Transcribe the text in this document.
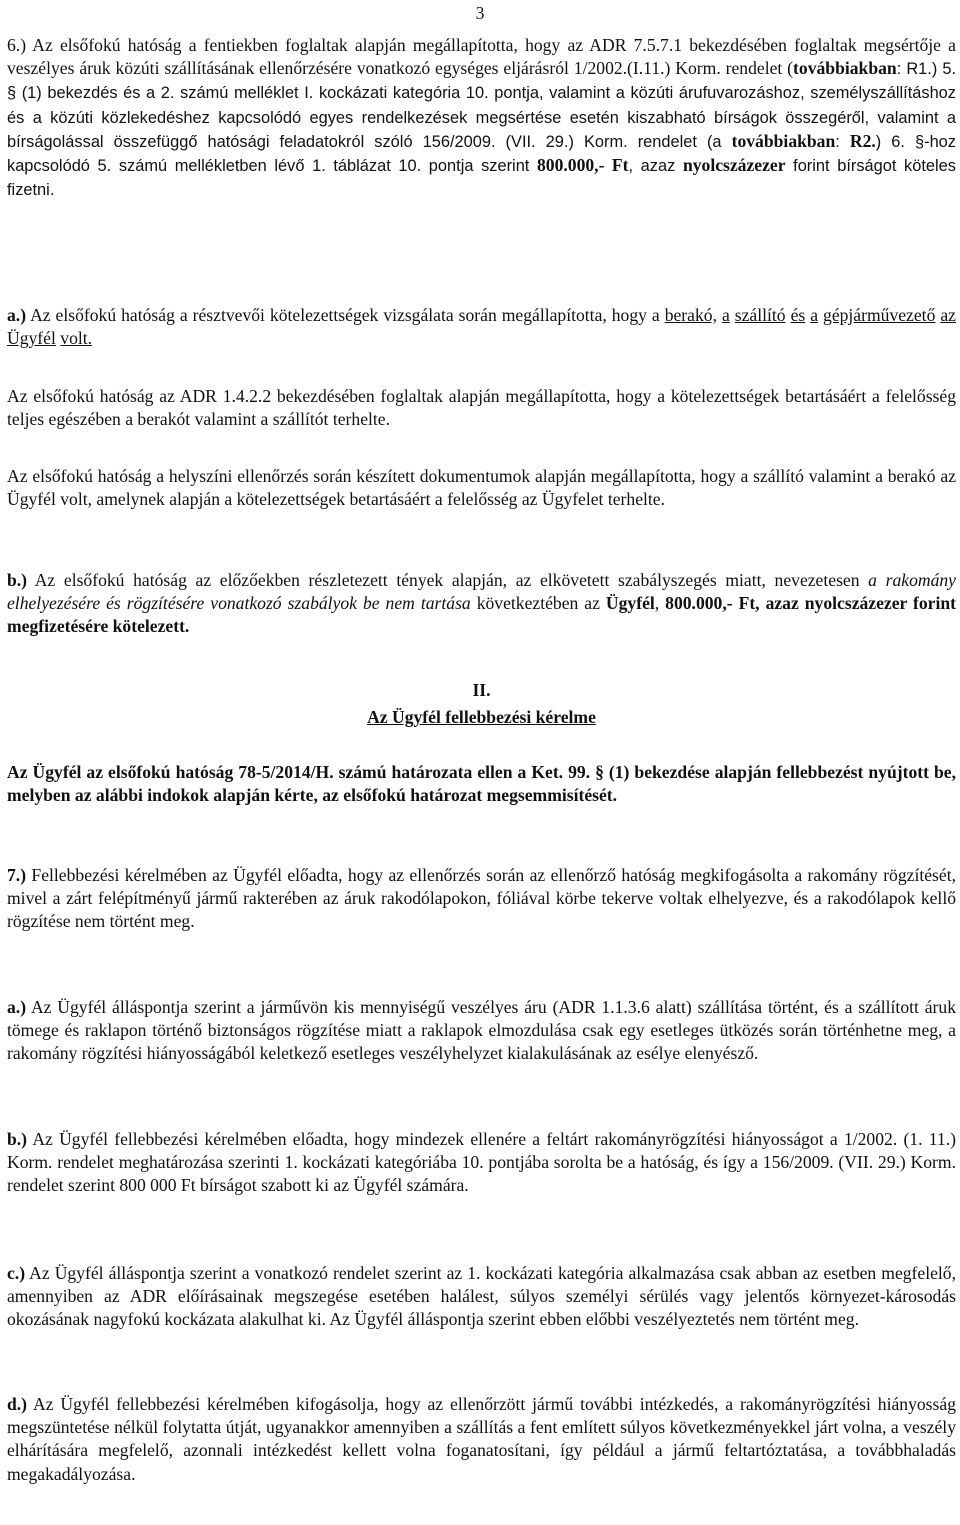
3

6.) Az elsőfokú hatóság a fentiekben foglaltak alapján megállapította, hogy az ADR 7.5.7.1 bekezdésében foglaltak megsértője a veszélyes áruk közúti szállításának ellenőrzésére vonatkozó egységes eljárásról 1/2002.(I.11.) Korm. rendelet (továbbiakban: R1.) 5. § (1) bekezdés és a 2. számú melléklet I. kockázati kategória 10. pontja, valamint a közúti árufuvarozáshoz, személyszállításhoz és a közúti közlekedéshez kapcsolódó egyes rendelkezések megsértése esetén kiszabható bírságok összegéről, valamint a bírságolással összefüggő hatósági feladatokról szóló 156/2009. (VII. 29.) Korm. rendelet (a továbbiakban: R2.) 6. §-hoz kapcsolódó 5. számú mellékletben lévő 1. táblázat 10. pontja szerint 800.000,- Ft, azaz nyolcszázezer forint bírságot köteles fizetni.

a.) Az elsőfokú hatóság a résztvevői kötelezettségek vizsgálata során megállapította, hogy a berakó, a szállító és a gépjárművezető az Ügyfél volt.

Az elsőfokú hatóság az ADR 1.4.2.2 bekezdésében foglaltak alapján megállapította, hogy a kötelezettségek betartásáért a felelősség teljes egészében a berakót valamint a szállítót terhelte.

Az elsőfokú hatóság a helyszíni ellenőrzés során készített dokumentumok alapján megállapította, hogy a szállító valamint a berakó az Ügyfél volt, amelynek alapján a kötelezettségek betartásáért a felelősség az Ügyfelet terhelte.

b.) Az elsőfokú hatóság az előzőekben részletezett tények alapján, az elkövetett szabályszegés miatt, nevezetesen a rakomány elhelyezésére és rögzítésére vonatkozó szabályok be nem tartása következtében az Ügyfél, 800.000,- Ft, azaz nyolcszázezer forint megfizetésére kötelezett.

II.

Az Ügyfél fellebbezési kérelme

Az Ügyfél az elsőfokú hatóság 78-5/2014/H. számú határozata ellen a Ket. 99. § (1) bekezdése alapján fellebbezést nyújtott be, melyben az alábbi indokok alapján kérte, az elsőfokú határozat megsemmisítését.

7.) Fellebbezési kérelmében az Ügyfél előadta, hogy az ellenőrzés során az ellenőrző hatóság megkifogásolta a rakomány rögzítését, mivel a zárt felépítményű jármű rakterében az áruk rakodólapokon, fóliával körbe tekerve voltak elhelyezve, és a rakodólapok kellő rögzítése nem történt meg.

a.) Az Ügyfél álláspontja szerint a járművön kis mennyiségű veszélyes áru (ADR 1.1.3.6 alatt) szállítása történt, és a szállított áruk tömege és raklapon történő biztonságos rögzítése miatt a raklapok elmozdulása csak egy esetleges ütközés során történhetne meg, a rakomány rögzítési hiányosságából keletkező esetleges veszélyhelyzet kialakulásának az esélye elenyésző.

b.) Az Ügyfél fellebbezési kérelmében előadta, hogy mindezek ellenére a feltárt rakományrögzítési hiányosságot a 1/2002. (1. 11.) Korm. rendelet meghatározása szerinti 1. kockázati kategóriába 10. pontjába sorolta be a hatóság, és így a 156/2009. (VII. 29.) Korm. rendelet szerint 800 000 Ft bírságot szabott ki az Ügyfél számára.

c.) Az Ügyfél álláspontja szerint a vonatkozó rendelet szerint az 1. kockázati kategória alkalmazása csak abban az esetben megfelelő, amennyiben az ADR előírásainak megszegése esetében halálest, súlyos személyi sérülés vagy jelentős környezet-károsodás okozásának nagyfokú kockázata alakulhat ki. Az Ügyfél álláspontja szerint ebben előbbi veszélyeztetés nem történt meg.

d.) Az Ügyfél fellebbezési kérelmében kifogásolja, hogy az ellenőrzött jármű további intézkedés, a rakományrögzítési hiányosság megszüntetése nélkül folytatta útját, ugyanakkor amennyiben a szállítás a fent említett súlyos következményekkel járt volna, a veszély elhárítására megfelelő, azonnali intézkedést kellett volna foganatosítani, így például a jármű feltartóztatása, a továbbhaladás megakadályozása.
